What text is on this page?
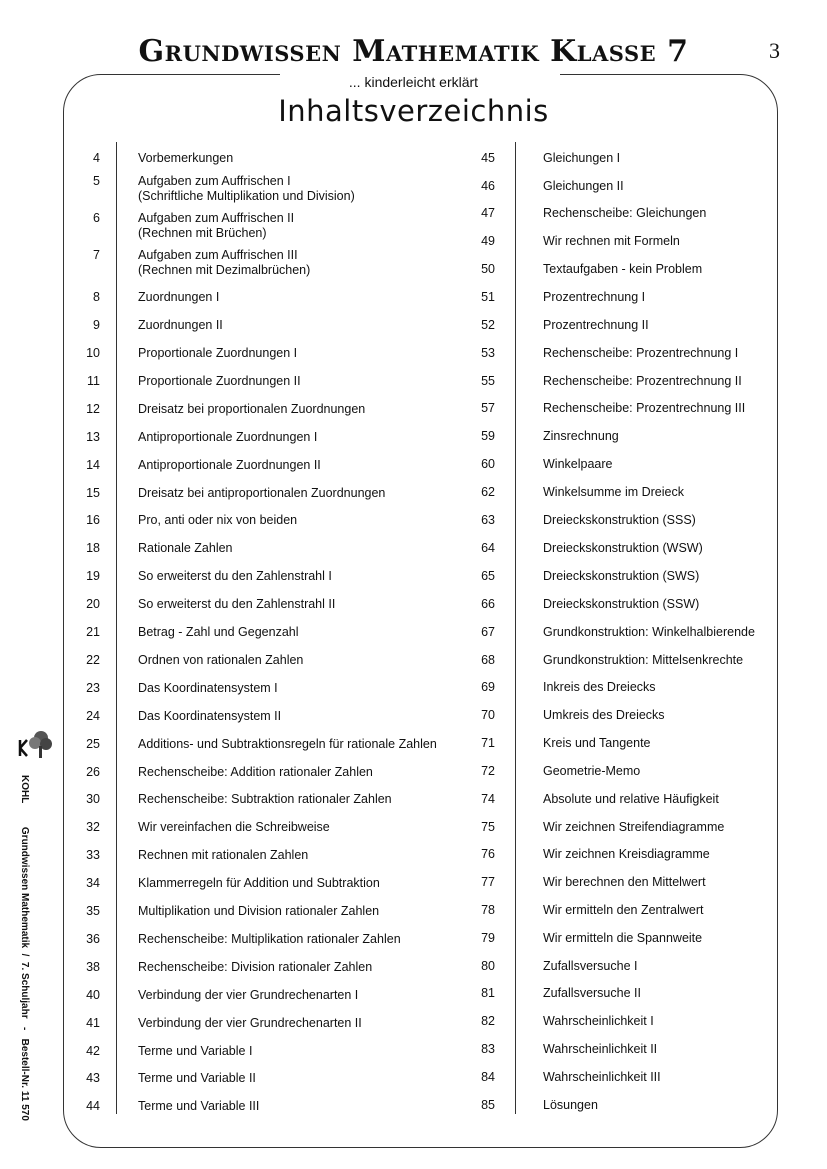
Grundwissen Mathematik Klasse 7	3
... kinderleicht erklärt
Inhaltsverzeichnis
4	Vorbemerkungen
5	Aufgaben zum Auffrischen I
(Schriftliche Multiplikation und Division)
6	Aufgaben zum Auffrischen II
(Rechnen mit Brüchen)
7	Aufgaben zum Auffrischen III
(Rechnen mit Dezimalbrüchen)
8	Zuordnungen I
9	Zuordnungen II
10	Proportionale Zuordnungen I
11	Proportionale Zuordnungen II
12	Dreisatz bei proportionalen Zuordnungen
13	Antiproportionale Zuordnungen I
14	Antiproportionale Zuordnungen II
15	Dreisatz bei antiproportionalen Zuordnungen
16	Pro, anti oder nix von beiden
18	Rationale Zahlen
19	So erweiterst du den Zahlenstrahl I
20	So erweiterst du den Zahlenstrahl II
21	Betrag - Zahl und Gegenzahl
22	Ordnen von rationalen Zahlen
23	Das Koordinatensystem I
24	Das Koordinatensystem II
25	Additions- und Subtraktionsregeln für rationale Zahlen
26	Rechenscheibe: Addition rationaler Zahlen
30	Rechenscheibe: Subtraktion rationaler Zahlen
32	Wir vereinfachen die Schreibweise
33	Rechnen mit rationalen Zahlen
34	Klammerregeln für Addition und Subtraktion
35	Multiplikation und Division rationaler Zahlen
36	Rechenscheibe: Multiplikation rationaler Zahlen
38	Rechenscheibe: Division rationaler Zahlen
40	Verbindung der vier Grundrechenarten I
41	Verbindung der vier Grundrechenarten II
42	Terme und Variable I
43	Terme und Variable II
44	Terme und Variable III
45	Gleichungen I
46	Gleichungen II
47	Rechenscheibe: Gleichungen
49	Wir rechnen mit Formeln
50	Textaufgaben - kein Problem
51	Prozentrechnung I
52	Prozentrechnung II
53	Rechenscheibe: Prozentrechnung I
55	Rechenscheibe: Prozentrechnung II
57	Rechenscheibe: Prozentrechnung III
59	Zinsrechnung
60	Winkelpaare
62	Winkelsumme im Dreieck
63	Dreieckskonstruktion (SSS)
64	Dreieckskonstruktion (WSW)
65	Dreieckskonstruktion (SWS)
66	Dreieckskonstruktion (SSW)
67	Grundkonstruktion: Winkelhalbierende
68	Grundkonstruktion: Mittelsenkrechte
69	Inkreis des Dreiecks
70	Umkreis des Dreiecks
71	Kreis und Tangente
72	Geometrie-Memo
74	Absolute und relative Häufigkeit
75	Wir zeichnen Streifendiagramme
76	Wir zeichnen Kreisdiagramme
77	Wir berechnen den Mittelwert
78	Wir ermitteln den Zentralwert
79	Wir ermitteln die Spannweite
80	Zufallsversuche I
81	Zufallsversuche II
82	Wahrscheinlichkeit I
83	Wahrscheinlichkeit II
84	Wahrscheinlichkeit III
85	Lösungen
KOHL  Grundwissen Mathematik  /  7. Schuljahr   -   Bestell-Nr. 11 570
